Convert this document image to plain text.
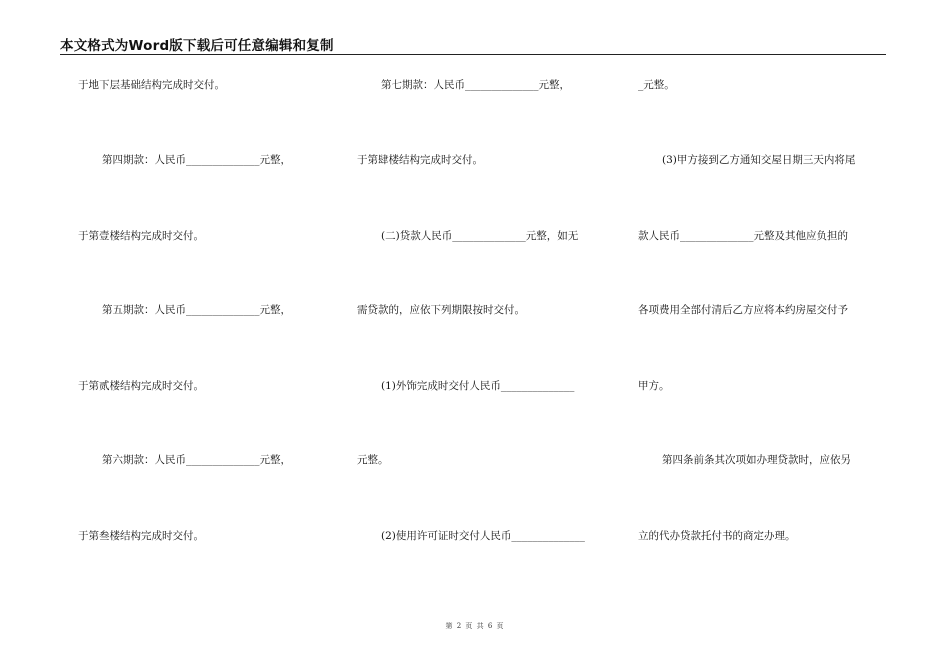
本文格式为Word版下载后可任意编辑和复制
于地下层基础结构完成时交付。
第四期款：人民币______________元整，
于第壹楼结构完成时交付。
第五期款：人民币______________元整，
于第贰楼结构完成时交付。
第六期款：人民币______________元整，
于第叁楼结构完成时交付。
第七期款：人民币______________元整，
于第肆楼结构完成时交付。
(二)贷款人民币______________元整，如无
需贷款的，应依下列期限按时交付。
(1)外饰完成时交付人民币______________
元整。
(2)使用许可证时交付人民币______________
_元整。
(3)甲方接到乙方通知交屋日期三天内将尾
款人民币______________元整及其他应负担的
各项费用全部付清后乙方应将本约房屋交付予
甲方。
第四条前条其次项如办理贷款时，应依另
立的代办贷款托付书的商定办理。
第 2 页 共 6 页
